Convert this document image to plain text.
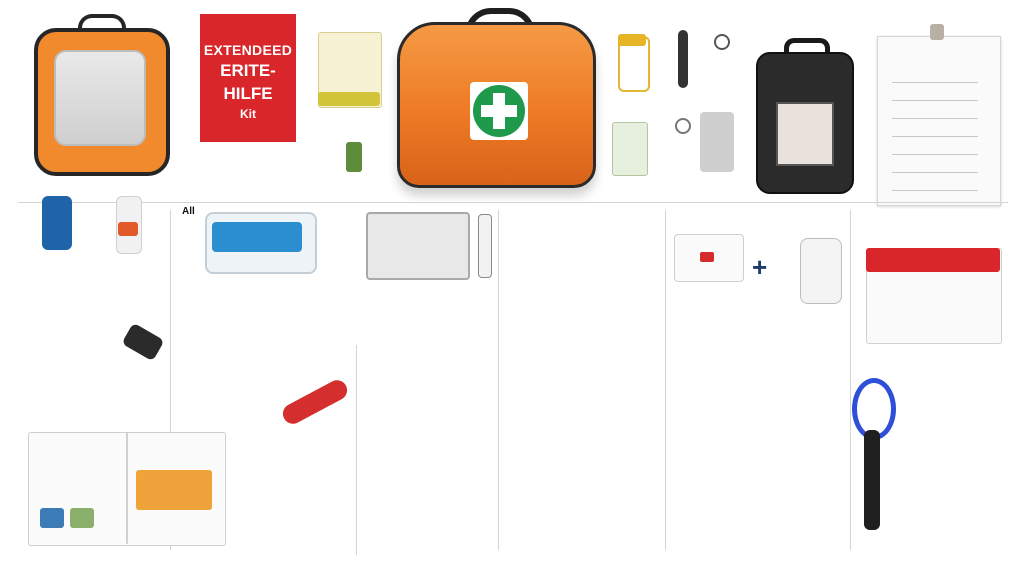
EXTENDEED
ERITE-
HILFE
Kit
All
+
